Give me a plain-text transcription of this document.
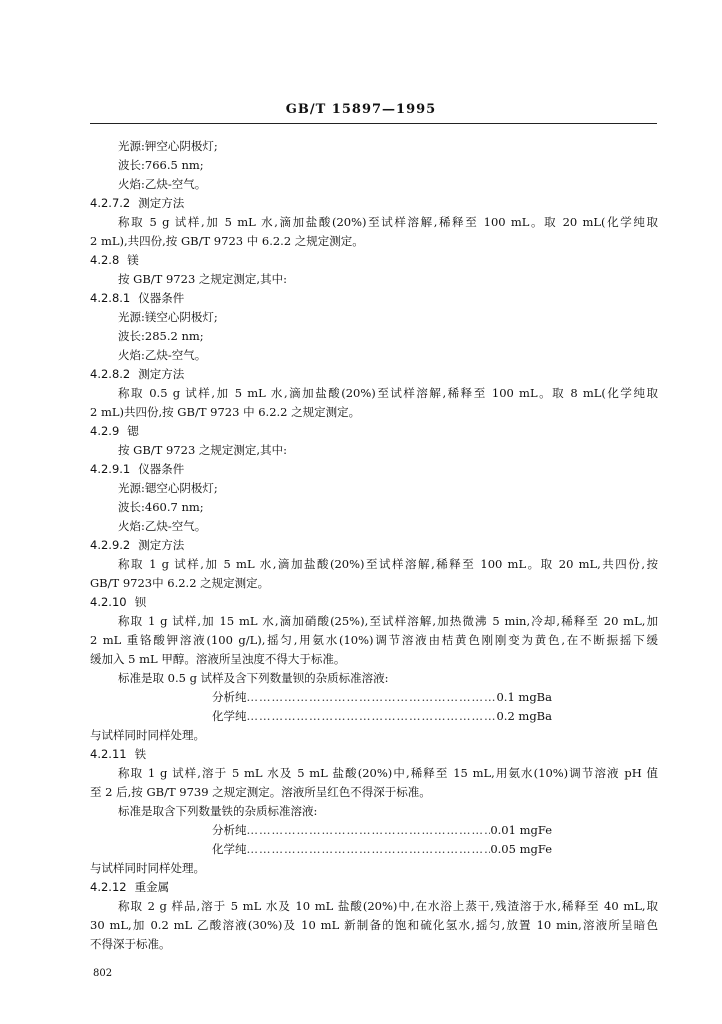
GB/T 15897—1995
光源:钾空心阴极灯;
波长:766.5 nm;
火焰:乙炔-空气。
4.2.7.2 测定方法
称取 5 g 试样,加 5 mL 水,滴加盐酸(20%)至试样溶解,稀释至 100 mL。取 20 mL(化学纯取
2 mL),共四份,按 GB/T 9723 中 6.2.2 之规定测定。
4.2.8 镁
按 GB/T 9723 之规定测定,其中:
4.2.8.1 仪器条件
光源:镁空心阴极灯;
波长:285.2 nm;
火焰:乙炔-空气。
4.2.8.2 测定方法
称取 0.5 g 试样,加 5 mL 水,滴加盐酸(20%)至试样溶解,稀释至 100 mL。取 8 mL(化学纯取
2 mL)共四份,按 GB/T 9723 中 6.2.2 之规定测定。
4.2.9 锶
按 GB/T 9723 之规定测定,其中:
4.2.9.1 仪器条件
光源:锶空心阴极灯;
波长:460.7 nm;
火焰:乙炔-空气。
4.2.9.2 测定方法
称取 1 g 试样,加 5 mL 水,滴加盐酸(20%)至试样溶解,稀释至 100 mL。取 20 mL,共四份,按
GB/T 9723中 6.2.2 之规定测定。
4.2.10 钡
称取 1 g 试样,加 15 mL 水,滴加硝酸(25%),至试样溶解,加热微沸 5 min,冷却,稀释至 20 mL,加
2 mL 重铬酸钾溶液(100 g/L),摇匀,用氨水(10%)调节溶液由桔黄色刚刚变为黄色,在不断振摇下缓
缓加入 5 mL 甲醇。溶液所呈浊度不得大于标准。
标准是取 0.5 g 试样及含下列数量钡的杂质标准溶液:
分析纯 ……………………………………………………………………………………………………	0.1 mgBa
化学纯 ……………………………………………………………………………………………………	0.2 mgBa
与试样同时同样处理。
4.2.11 铁
称取 1 g 试样,溶于 5 mL 水及 5 mL 盐酸(20%)中,稀释至 15 mL,用氨水(10%)调节溶液 pH 值
至 2 后,按 GB/T 9739 之规定测定。溶液所呈红色不得深于标准。
标准是取含下列数量铁的杂质标准溶液:
分析纯 ……………………………………………………………………………………………………	0.01 mgFe
化学纯 ……………………………………………………………………………………………………	0.05 mgFe
与试样同时同样处理。
4.2.12 重金属
称取 2 g 样品,溶于 5 mL 水及 10 mL 盐酸(20%)中,在水浴上蒸干,残渣溶于水,稀释至 40 mL,取
30 mL,加 0.2 mL 乙酸溶液(30%)及 10 mL 新制备的饱和硫化氢水,摇匀,放置 10 min,溶液所呈暗色
不得深于标准。
802
